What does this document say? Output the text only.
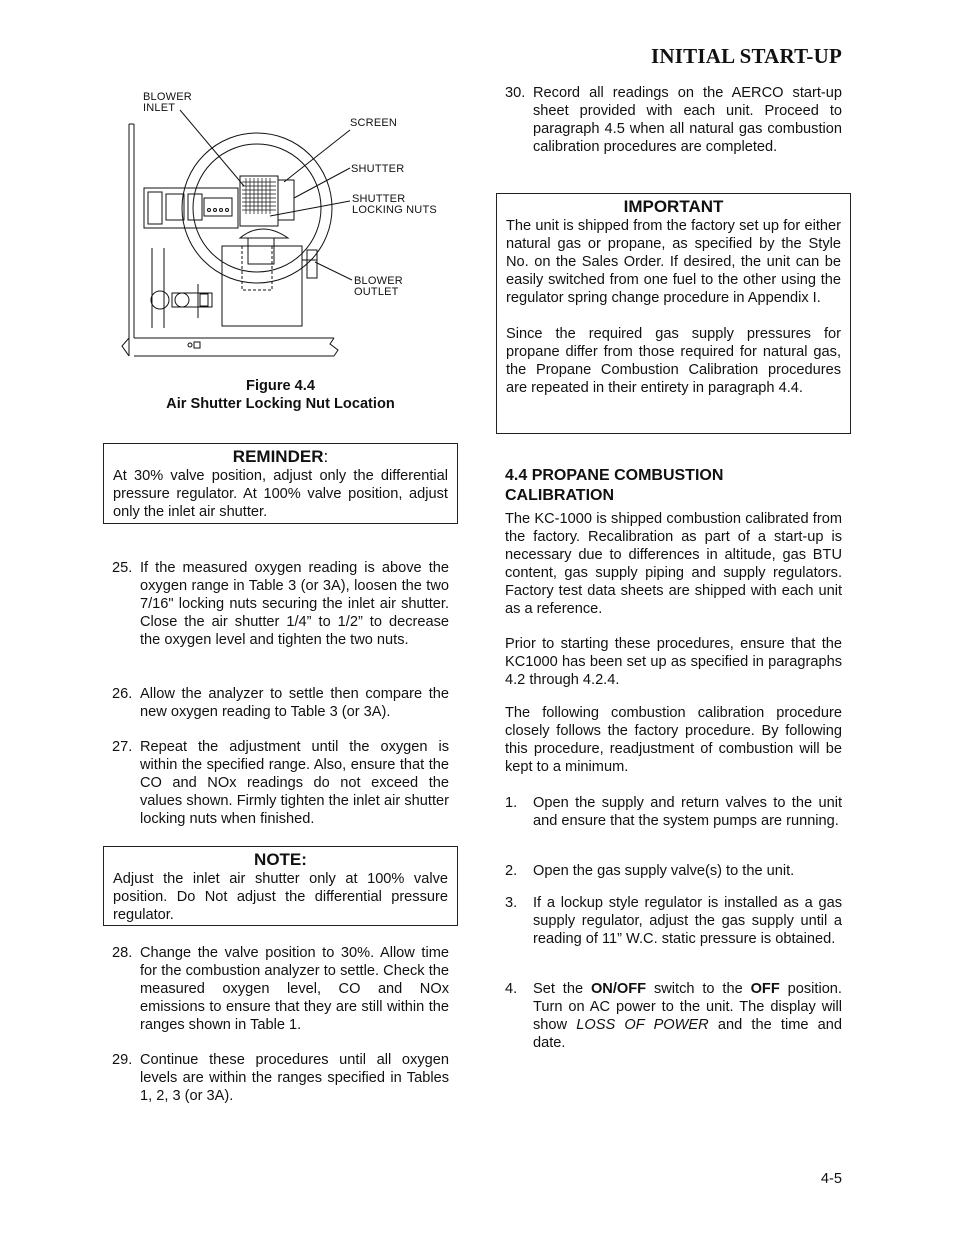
INITIAL START-UP
BLOWER
INLET
SCREEN
SHUTTER
SHUTTER
LOCKING NUTS
BLOWER
OUTLET
Figure 4.4
Air Shutter Locking Nut Location
REMINDER:

At 30% valve position, adjust only the differential pressure regulator. At 100% valve position, adjust only the inlet air shutter.

25. If the measured oxygen reading is above the oxygen range in Table 3 (or 3A), loosen the two 7/16" locking nuts securing the inlet air shutter. Close the air shutter 1/4” to 1/2” to decrease the oxygen level and tighten the two nuts.
26. Allow the analyzer to settle then compare the new oxygen reading to Table 3 (or 3A).
27. Repeat the adjustment until the oxygen is within the specified range. Also, ensure that the CO and NOx readings do not exceed the values shown. Firmly tighten the inlet air shutter locking nuts when finished.
NOTE:

Adjust the inlet air shutter only at 100% valve position. Do Not adjust the differential pressure regulator.

28. Change the valve position to 30%. Allow time for the combustion analyzer to settle. Check the measured oxygen level, CO and NOx emissions to ensure that they are still within the ranges shown in Table 1.
29. Continue these procedures until all oxygen levels are within the ranges specified in Tables 1, 2, 3 (or 3A).
30. Record all readings on the AERCO start-up sheet provided with each unit. Proceed to paragraph 4.5 when all natural gas combustion calibration procedures are completed.
IMPORTANT

The unit is shipped from the factory set up for either natural gas or propane, as specified by the Style No. on the Sales Order. If desired, the unit can be easily switched from one fuel to the other using the regulator spring change procedure in Appendix I.

Since the required gas supply pressures for propane differ from those required for natural gas, the Propane Combustion Calibration procedures are repeated in their entirety in paragraph 4.4.

4.4 PROPANE COMBUSTION
CALIBRATION

The KC-1000 is shipped combustion calibrated from the factory. Recalibration as part of a start-up is necessary due to differences in altitude, gas BTU content, gas supply piping and supply regulators. Factory test data sheets are shipped with each unit as a reference.

Prior to starting these procedures, ensure that the KC1000 has been set up as specified in paragraphs 4.2 through 4.2.4.

The following combustion calibration procedure closely follows the factory procedure. By following this procedure, readjustment of combustion will be kept to a minimum.

1. Open the supply and return valves to the unit and ensure that the system pumps are running.
2. Open the gas supply valve(s) to the unit.
3. If a lockup style regulator is installed as a gas supply regulator, adjust the gas supply until a reading of 11” W.C. static pressure is obtained.
4. Set the ON/OFF switch to the OFF position. Turn on AC power to the unit. The display will show LOSS OF POWER and the time and date.
4-5
